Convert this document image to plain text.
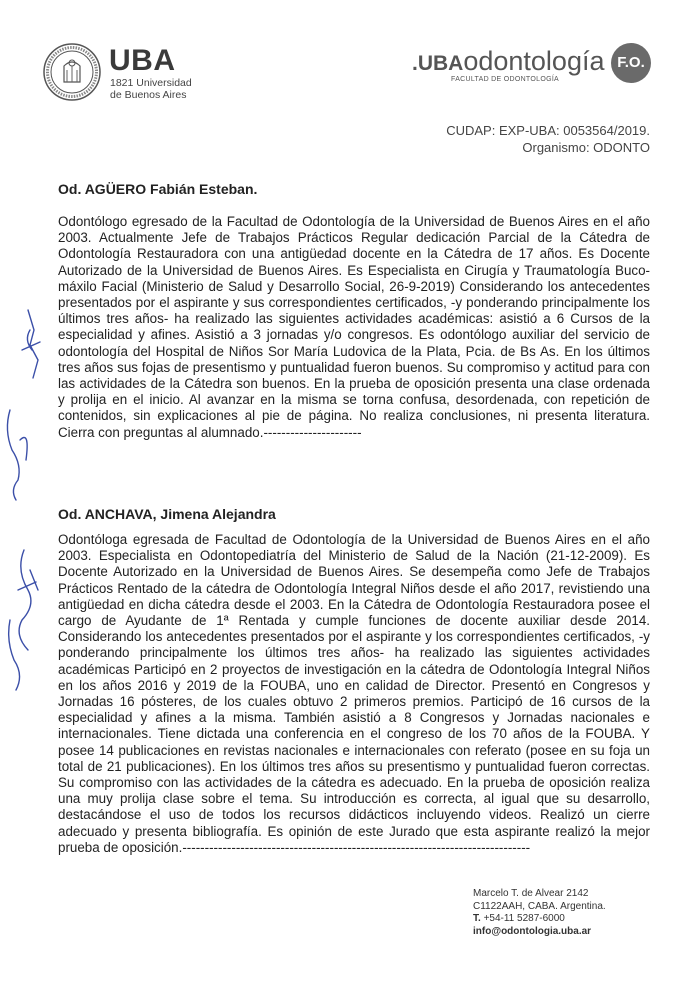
UBA
1821 Universidad
de Buenos Aires
.UBAodontología
FACULTAD DE ODONTOLOGÍA
F.O.
CUDAP: EXP-UBA: 0053564/2019.
Organismo: ODONTO
Od. AGÜERO Fabián Esteban.

Odontólogo egresado de la Facultad de Odontología de la Universidad de Buenos Aires en el año 2003. Actualmente Jefe de Trabajos Prácticos Regular dedicación Parcial de la Cátedra de Odontología Restauradora con una antigüedad docente en la Cátedra de 17 años. Es Docente Autorizado de la Universidad de Buenos Aires. Es Especialista en Cirugía y Traumatología Buco-máxilo Facial (Ministerio de Salud y Desarrollo Social, 26-9-2019) Considerando los antecedentes presentados por el aspirante y sus correspondientes certificados, -y ponderando principalmente los últimos tres años- ha realizado las siguientes actividades académicas: asistió a 6 Cursos de la especialidad y afines. Asistió a 3 jornadas y/o congresos. Es odontólogo auxiliar del servicio de odontología del Hospital de Niños Sor María Ludovica de la Plata, Pcia. de Bs As. En los últimos tres años sus fojas de presentismo y puntualidad fueron buenos. Su compromiso y actitud para con las actividades de la Cátedra son buenos. En la prueba de oposición presenta una clase ordenada y prolija en el inicio. Al avanzar en la misma se torna confusa, desordenada, con repetición de contenidos, sin explicaciones al pie de página. No realiza conclusiones, ni presenta literatura. Cierra con preguntas al alumnado.----------------------

Od. ANCHAVA, Jimena Alejandra

Odontóloga egresada de Facultad de Odontología de la Universidad de Buenos Aires en el año 2003. Especialista en Odontopediatría del Ministerio de Salud de la Nación (21-12-2009). Es Docente Autorizado en la Universidad de Buenos Aires. Se desempeña como Jefe de Trabajos Prácticos Rentado de la cátedra de Odontología Integral Niños desde el año 2017, revistiendo una antigüedad en dicha cátedra desde el 2003. En la Cátedra de Odontología Restauradora posee el cargo de Ayudante de 1ª Rentada y cumple funciones de docente auxiliar desde 2014. Considerando los antecedentes presentados por el aspirante y los correspondientes certificados, -y ponderando principalmente los últimos tres años- ha realizado las siguientes actividades académicas Participó en 2 proyectos de investigación en la cátedra de Odontología Integral Niños en los años 2016 y 2019 de la FOUBA, uno en calidad de Director. Presentó en Congresos y Jornadas 16 pósteres, de los cuales obtuvo 2 primeros premios. Participó de 16 cursos de la especialidad y afines a la misma. También asistió a 8 Congresos y Jornadas nacionales e internacionales. Tiene dictada una conferencia en el congreso de los 70 años de la FOUBA. Y posee 14 publicaciones en revistas nacionales e internacionales con referato (posee en su foja un total de 21 publicaciones). En los últimos tres años su presentismo y puntualidad fueron correctas. Su compromiso con las actividades de la cátedra es adecuado. En la prueba de oposición realiza una muy prolija clase sobre el tema. Su introducción es correcta, al igual que su desarrollo, destacándose el uso de todos los recursos didácticos incluyendo videos. Realizó un cierre adecuado y presenta bibliografía. Es opinión de este Jurado que esta aspirante realizó la mejor prueba de oposición.------------------------------------------------------------------------------

Marcelo T. de Alvear 2142
C1122AAH, CABA. Argentina.
T. +54-11 5287-6000
info@odontologia.uba.ar
